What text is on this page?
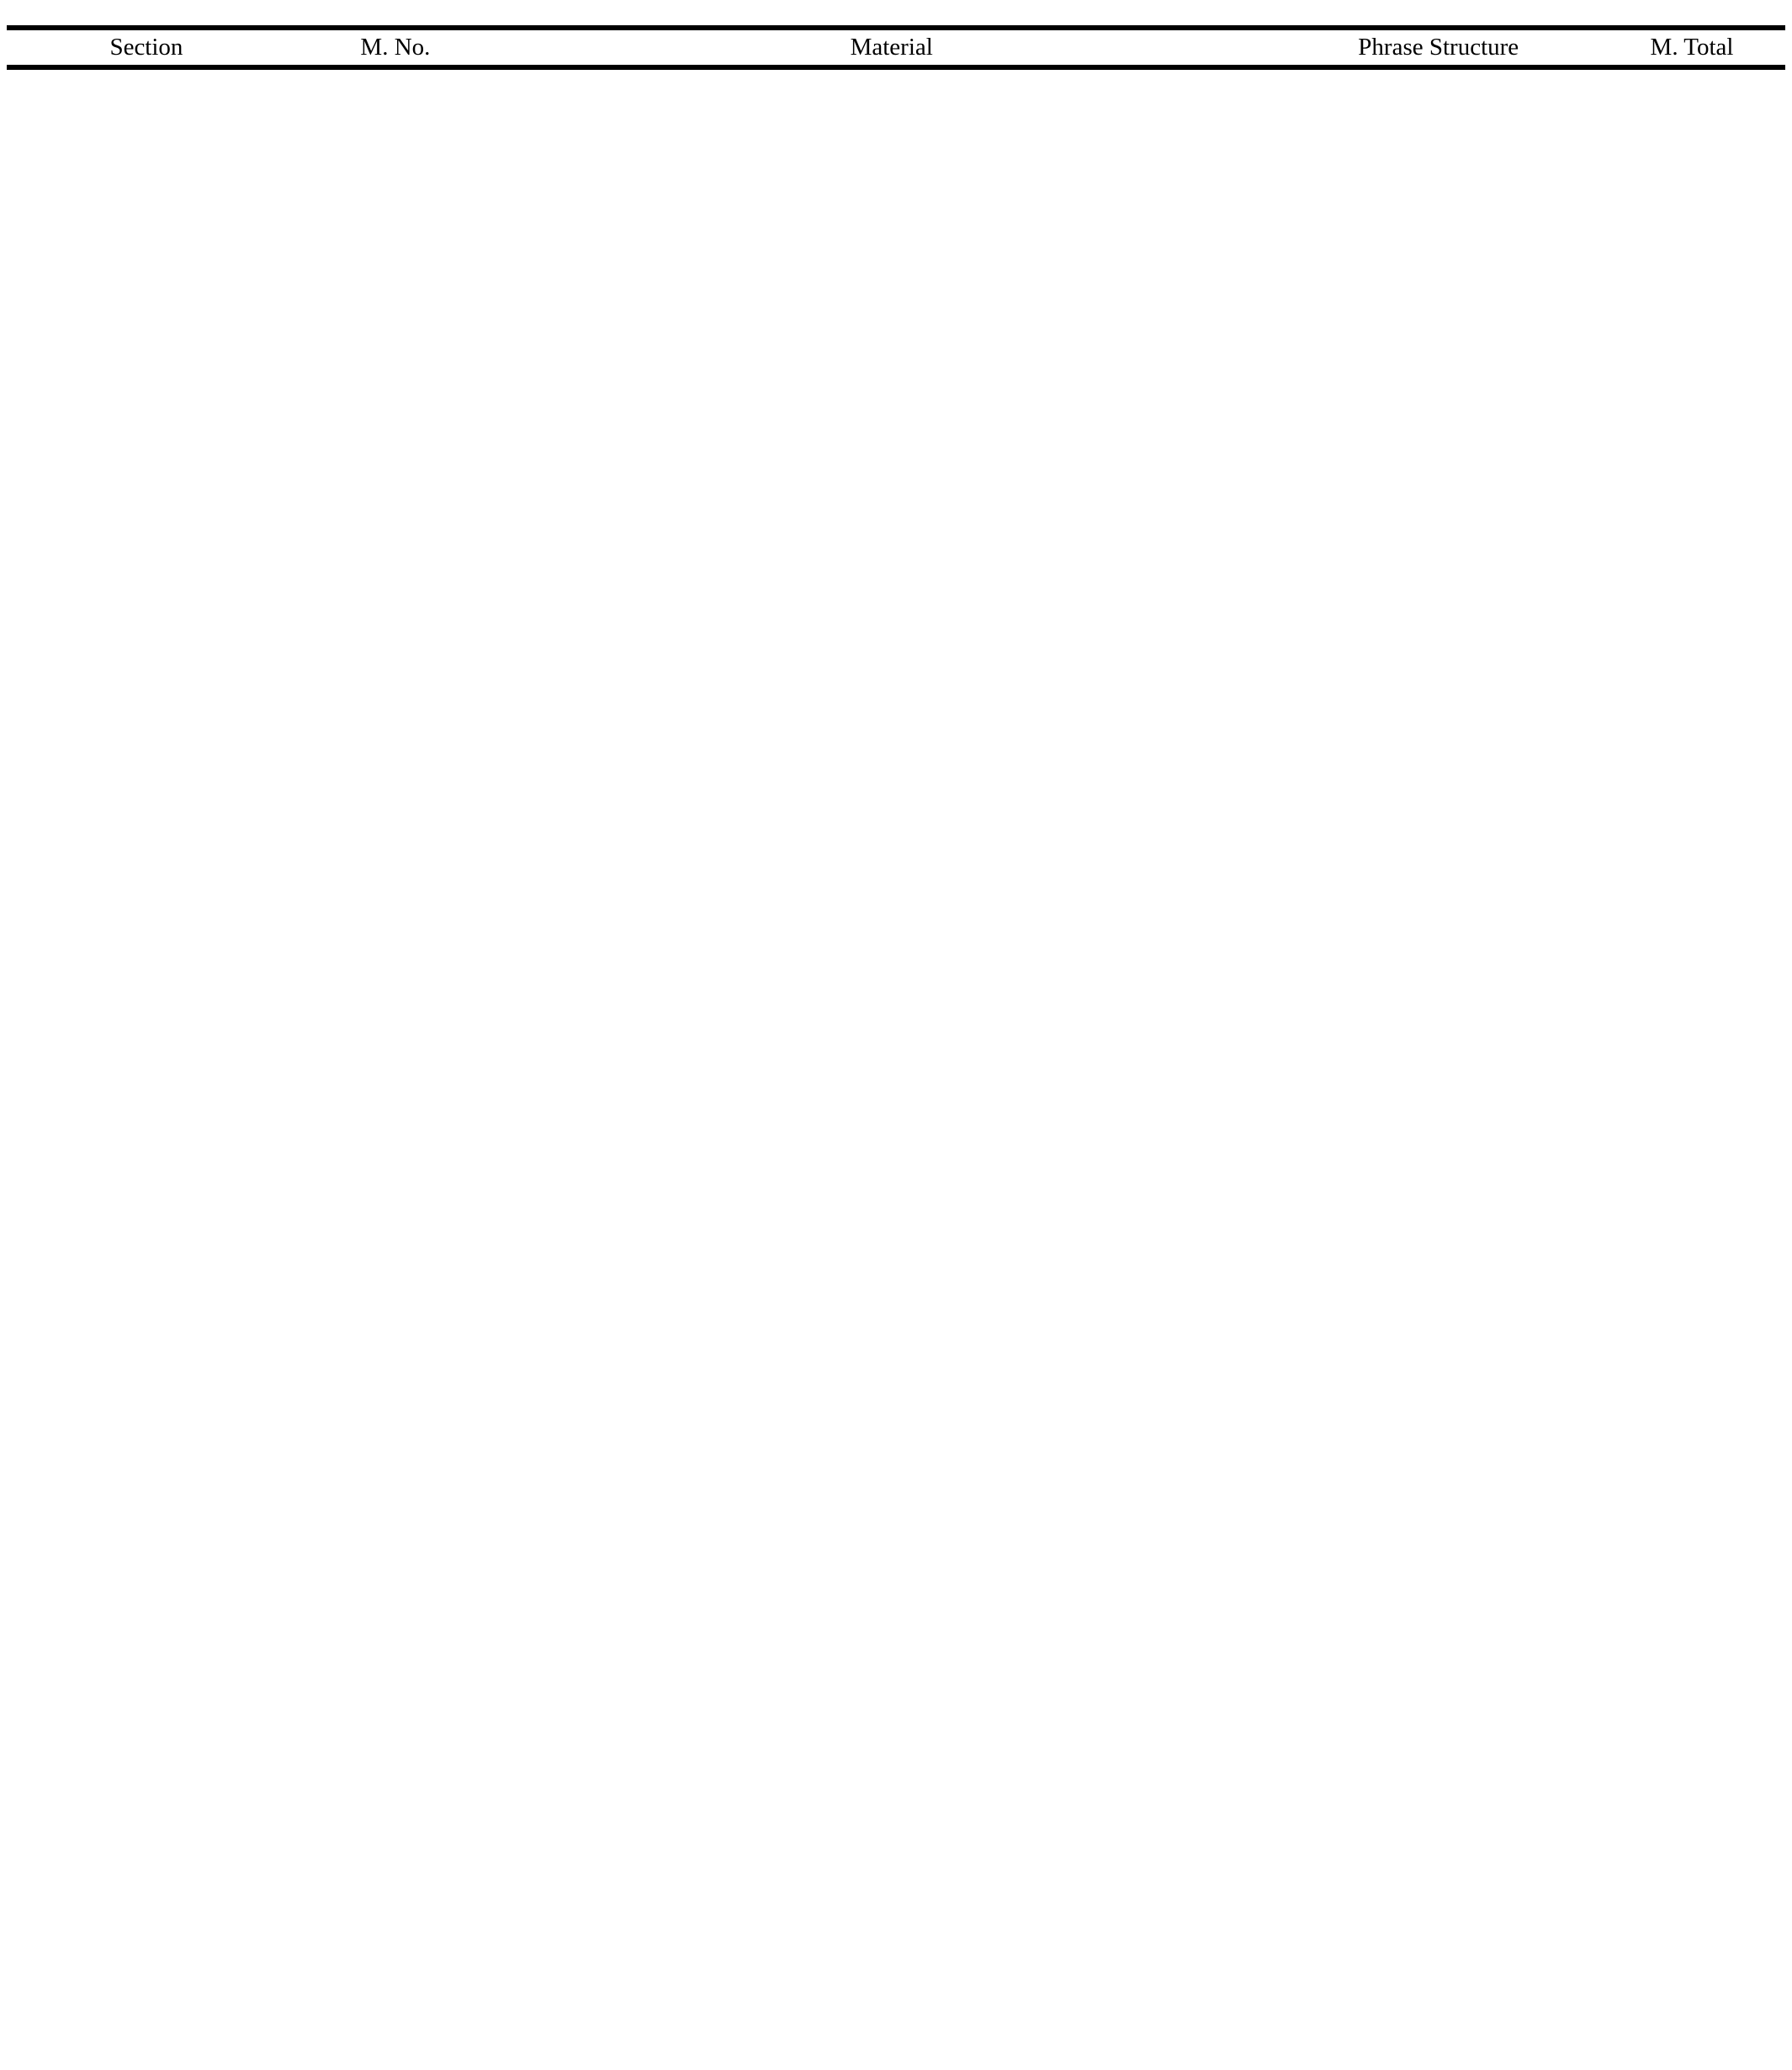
Section	M. No.	Material	Phrase Structure	M. Total
